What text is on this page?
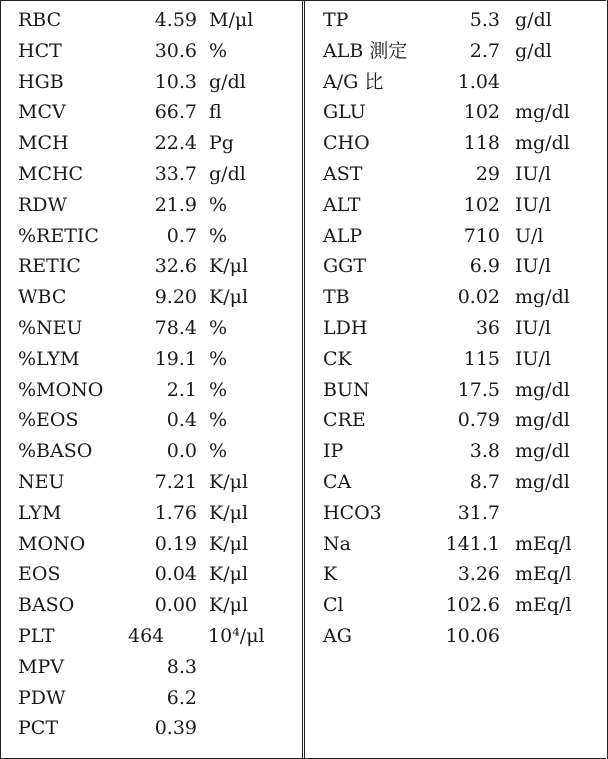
RBC	4.59 M/μl
HCT	30.6 %
HGB	10.3 g/dl
MCV	66.7 fl
MCH	22.4 Pg
MCHC	33.7 g/dl
RDW	21.9 %
%RETIC	0.7 %
RETIC	32.6 K/μl
WBC	9.20 K/μl
%NEU	78.4 %
%LYM	19.1 %
%MONO	2.1 %
%EOS	0.4 %
%BASO	0.0 %
NEU	7.21 K/μl
LYM	1.76 K/μl
MONO	0.19 K/μl
EOS	0.04 K/μl
BASO	0.00 K/μl
PLT	464 10⁴/μl
MPV	8.3
PDW	6.2
PCT	0.39
TP	5.3 g/dl
ALB 測定	2.7 g/dl
A/G 比	1.04
GLU	102 mg/dl
CHO	118 mg/dl
AST	29 IU/l
ALT	102 IU/l
ALP	710 U/l
GGT	6.9 IU/l
TB	0.02 mg/dl
LDH	36 IU/l
CK	115 IU/l
BUN	17.5 mg/dl
CRE	0.79 mg/dl
IP	3.8 mg/dl
CA	8.7 mg/dl
HCO3	31.7
Na	141.1 mEq/l
K	3.26 mEq/l
Cl	102.6 mEq/l
AG	10.06
